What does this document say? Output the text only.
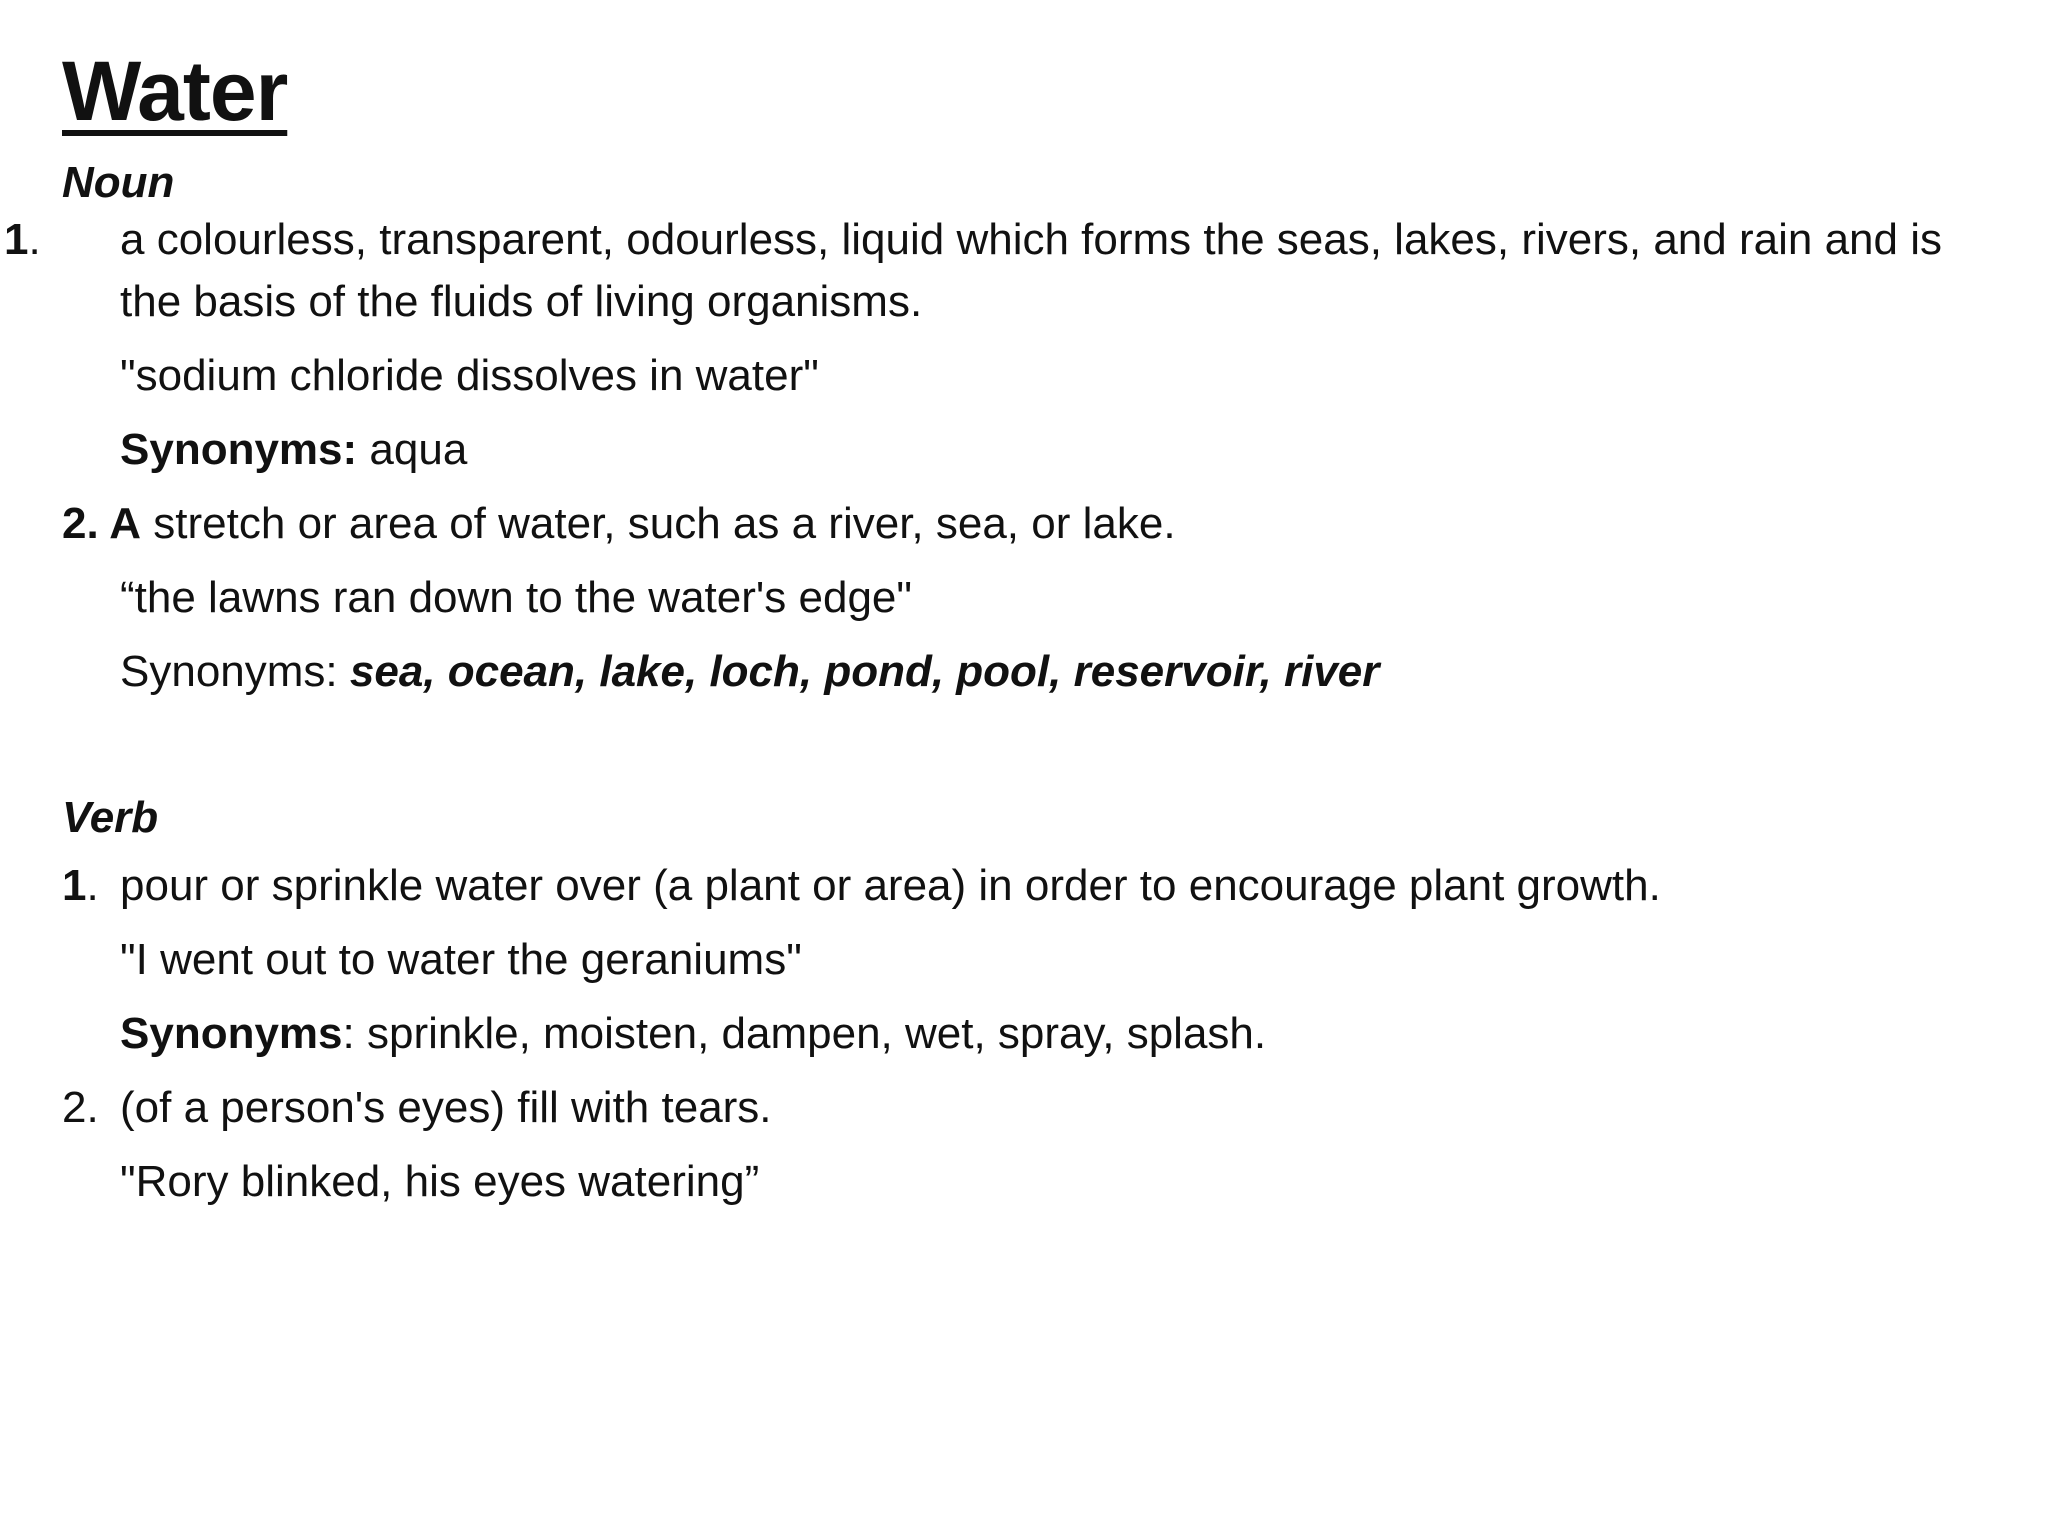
Water
Noun
1. a colourless, transparent, odourless, liquid which forms the seas, lakes, rivers, and rain and is the basis of the fluids of living organisms.
"sodium chloride dissolves in water"
Synonyms: aqua
2. A stretch or area of water, such as a river, sea, or lake.
“the lawns ran down to the water's edge"
Synonyms: sea, ocean, lake, loch, pond, pool, reservoir, river
Verb
1. pour or sprinkle water over (a plant or area) in order to encourage plant growth.
"I went out to water the geraniums"
Synonyms: sprinkle, moisten, dampen, wet, spray, splash.
2. (of a person's eyes) fill with tears.
"Rory blinked, his eyes watering”
